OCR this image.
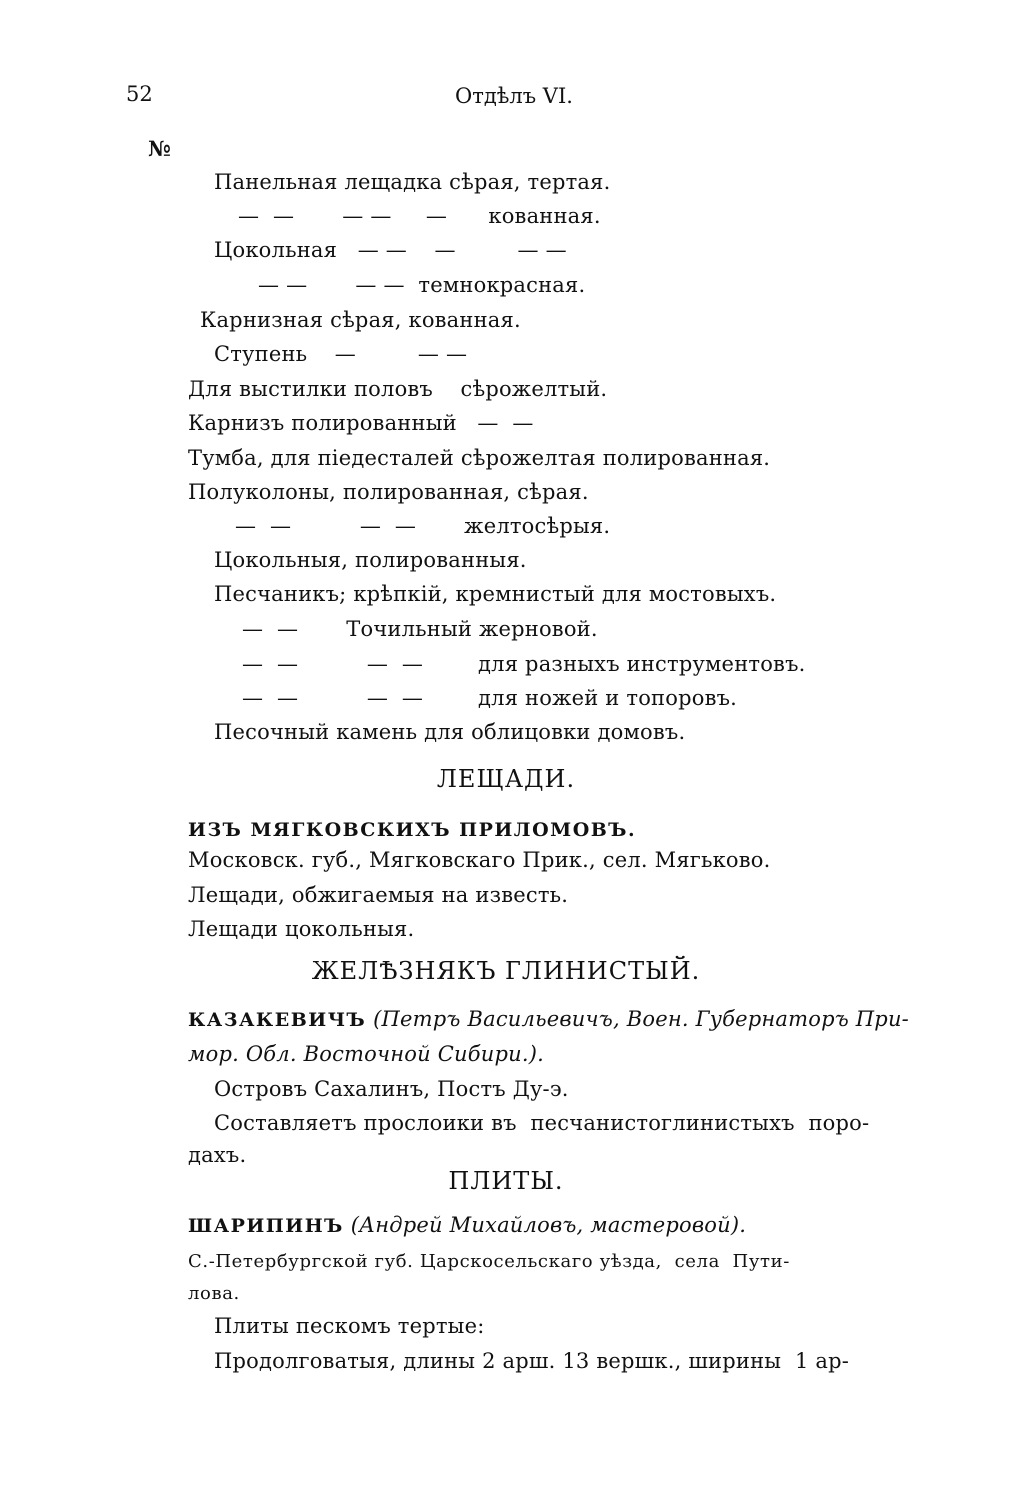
52	Отдѣлъ VI.
№
Панельная лещадка сѣрая, тертая.
—  —       — —     —      кованная.
Цокольная   — —    —         — —
— —       — —  темнокрасная.
Карнизная сѣрая, кованная.
Ступень    —         — —
Для выстилки половъ    сѣрожелтый.
Карнизъ полированный   —  —
Тумба, для піедесталей сѣрожелтая полированная.
Полуколоны, полированная, сѣрая.
—  —          —  —       желтосѣрыя.
Цокольныя, полированныя.
Песчаникъ; крѣпкій, кремнистый для мостовыхъ.
—  —       Точильный жерновой.
—  —          —  —        для разныхъ инструментовъ.
—  —          —  —        для ножей и топоровъ.
Песочный камень для облицовки домовъ.
ЛЕЩАДИ.
ИЗЪ МЯГКОВСКИХЪ ПРИЛОМОВЪ.
Московск. губ., Мягковскаго Прик., сел. Мягьково.
Лещади, обжигаемыя на известь.
Лещади цокольныя.
ЖЕЛѢЗНЯКЪ ГЛИНИСТЫЙ.
КАЗАКЕВИЧЪ (Петръ Васильевичъ, Воен. Губернаторъ При-
мор. Обл. Восточной Сибири.).
Островъ Сахалинъ, Постъ Ду-э.
Составляетъ прослоики въ  песчанистоглинистыхъ  поро-
дахъ.
ПЛИТЫ.
ШАРИПИНЪ (Андрей Михайловъ, мастеровой).
С.-Петербургской губ. Царскосельскаго уѣзда,  села  Пути-
лова.
Плиты пескомъ тертые:
Продолговатыя, длины 2 арш. 13 вершк., ширины  1 ар-
